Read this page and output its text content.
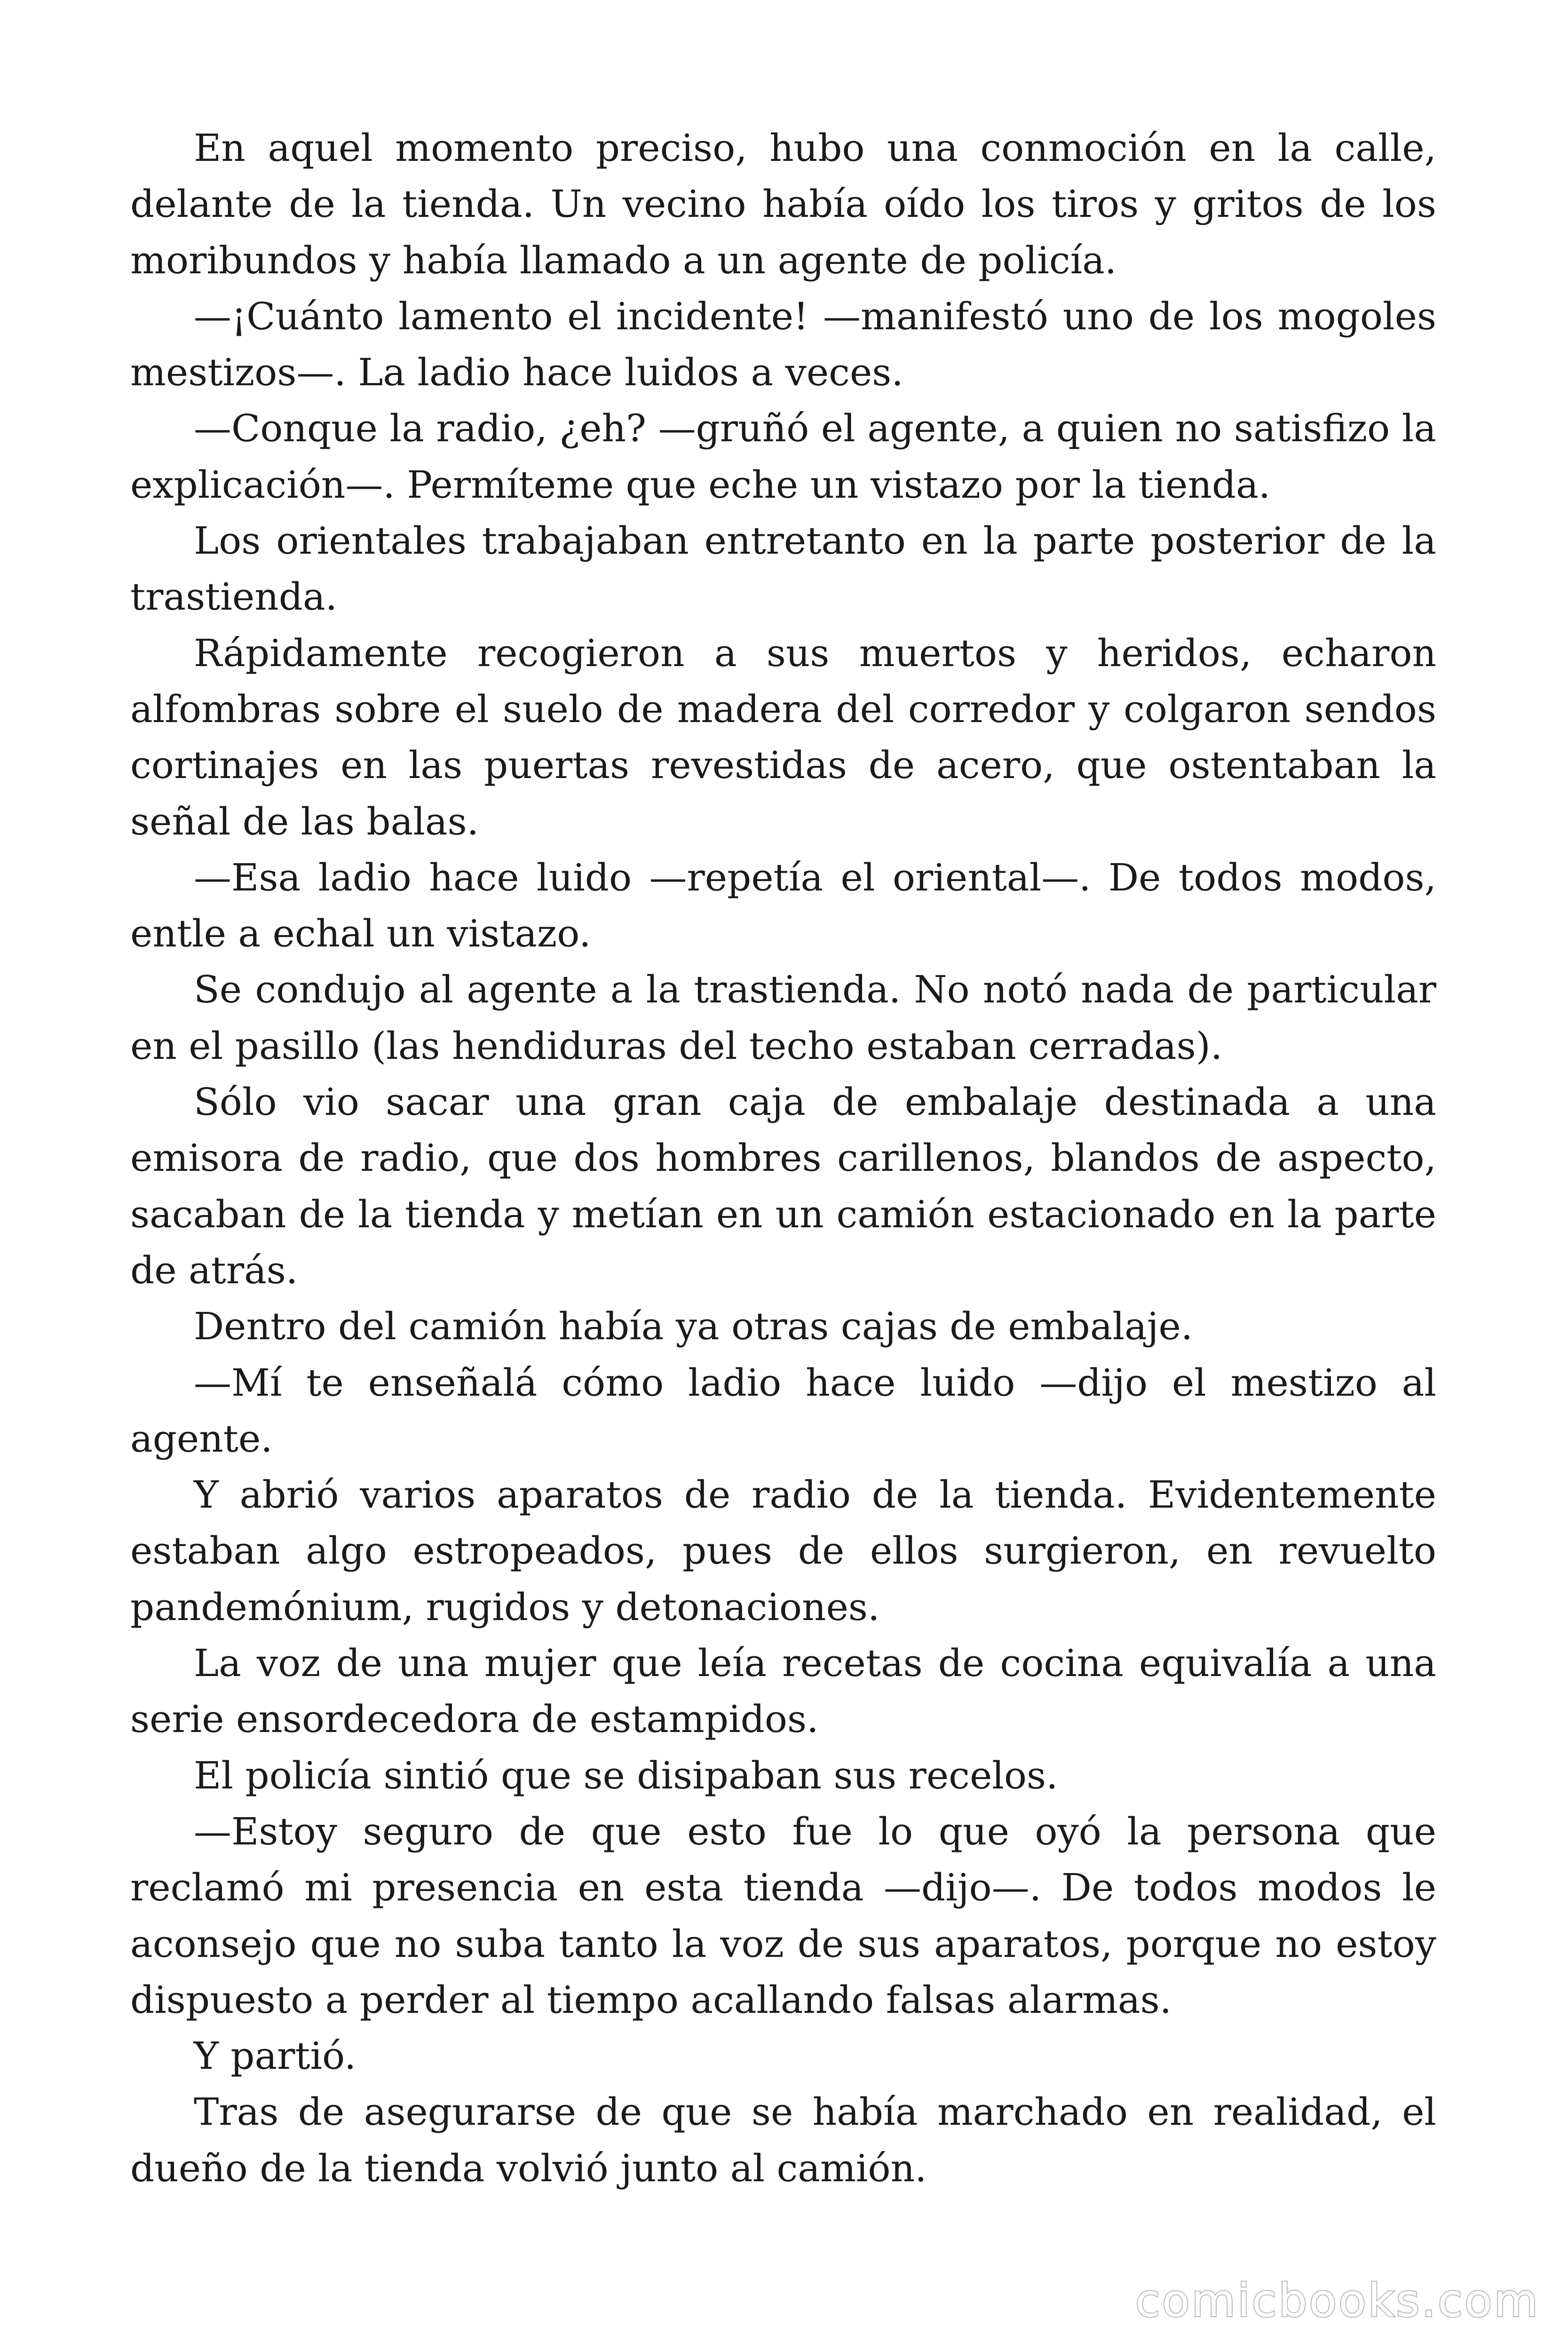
En aquel momento preciso, hubo una conmoción en la calle, delante de la tienda. Un vecino había oído los tiros y gritos de los moribundos y había llamado a un agente de policía.

—¡Cuánto lamento el incidente! —manifestó uno de los mogoles mestizos—. La ladio hace luidos a veces.

—Conque la radio, ¿eh? —gruñó el agente, a quien no satisfizo la explicación—. Permíteme que eche un vistazo por la tienda.

Los orientales trabajaban entretanto en la parte posterior de la trastienda.

Rápidamente recogieron a sus muertos y heridos, echaron alfombras sobre el suelo de madera del corredor y colgaron sendos cortinajes en las puertas revestidas de acero, que ostentaban la señal de las balas.

—Esa ladio hace luido —repetía el oriental—. De todos modos, entle a echal un vistazo.

Se condujo al agente a la trastienda. No notó nada de particular en el pasillo (las hendiduras del techo estaban cerradas).

Sólo vio sacar una gran caja de embalaje destinada a una emisora de radio, que dos hombres carillenos, blandos de aspecto, sacaban de la tienda y metían en un camión estacionado en la parte de atrás.

Dentro del camión había ya otras cajas de embalaje.

—Mí te enseñalá cómo ladio hace luido —dijo el mestizo al agente.

Y abrió varios aparatos de radio de la tienda. Evidentemente estaban algo estropeados, pues de ellos surgieron, en revuelto pandemónium, rugidos y detonaciones.

La voz de una mujer que leía recetas de cocina equivalía a una serie ensordecedora de estampidos.

El policía sintió que se disipaban sus recelos.

—Estoy seguro de que esto fue lo que oyó la persona que reclamó mi presencia en esta tienda —dijo—. De todos modos le aconsejo que no suba tanto la voz de sus aparatos, porque no estoy dispuesto a perder al tiempo acallando falsas alarmas.

Y partió.

Tras de asegurarse de que se había marchado en realidad, el dueño de la tienda volvió junto al camión.

comicbooks.com
